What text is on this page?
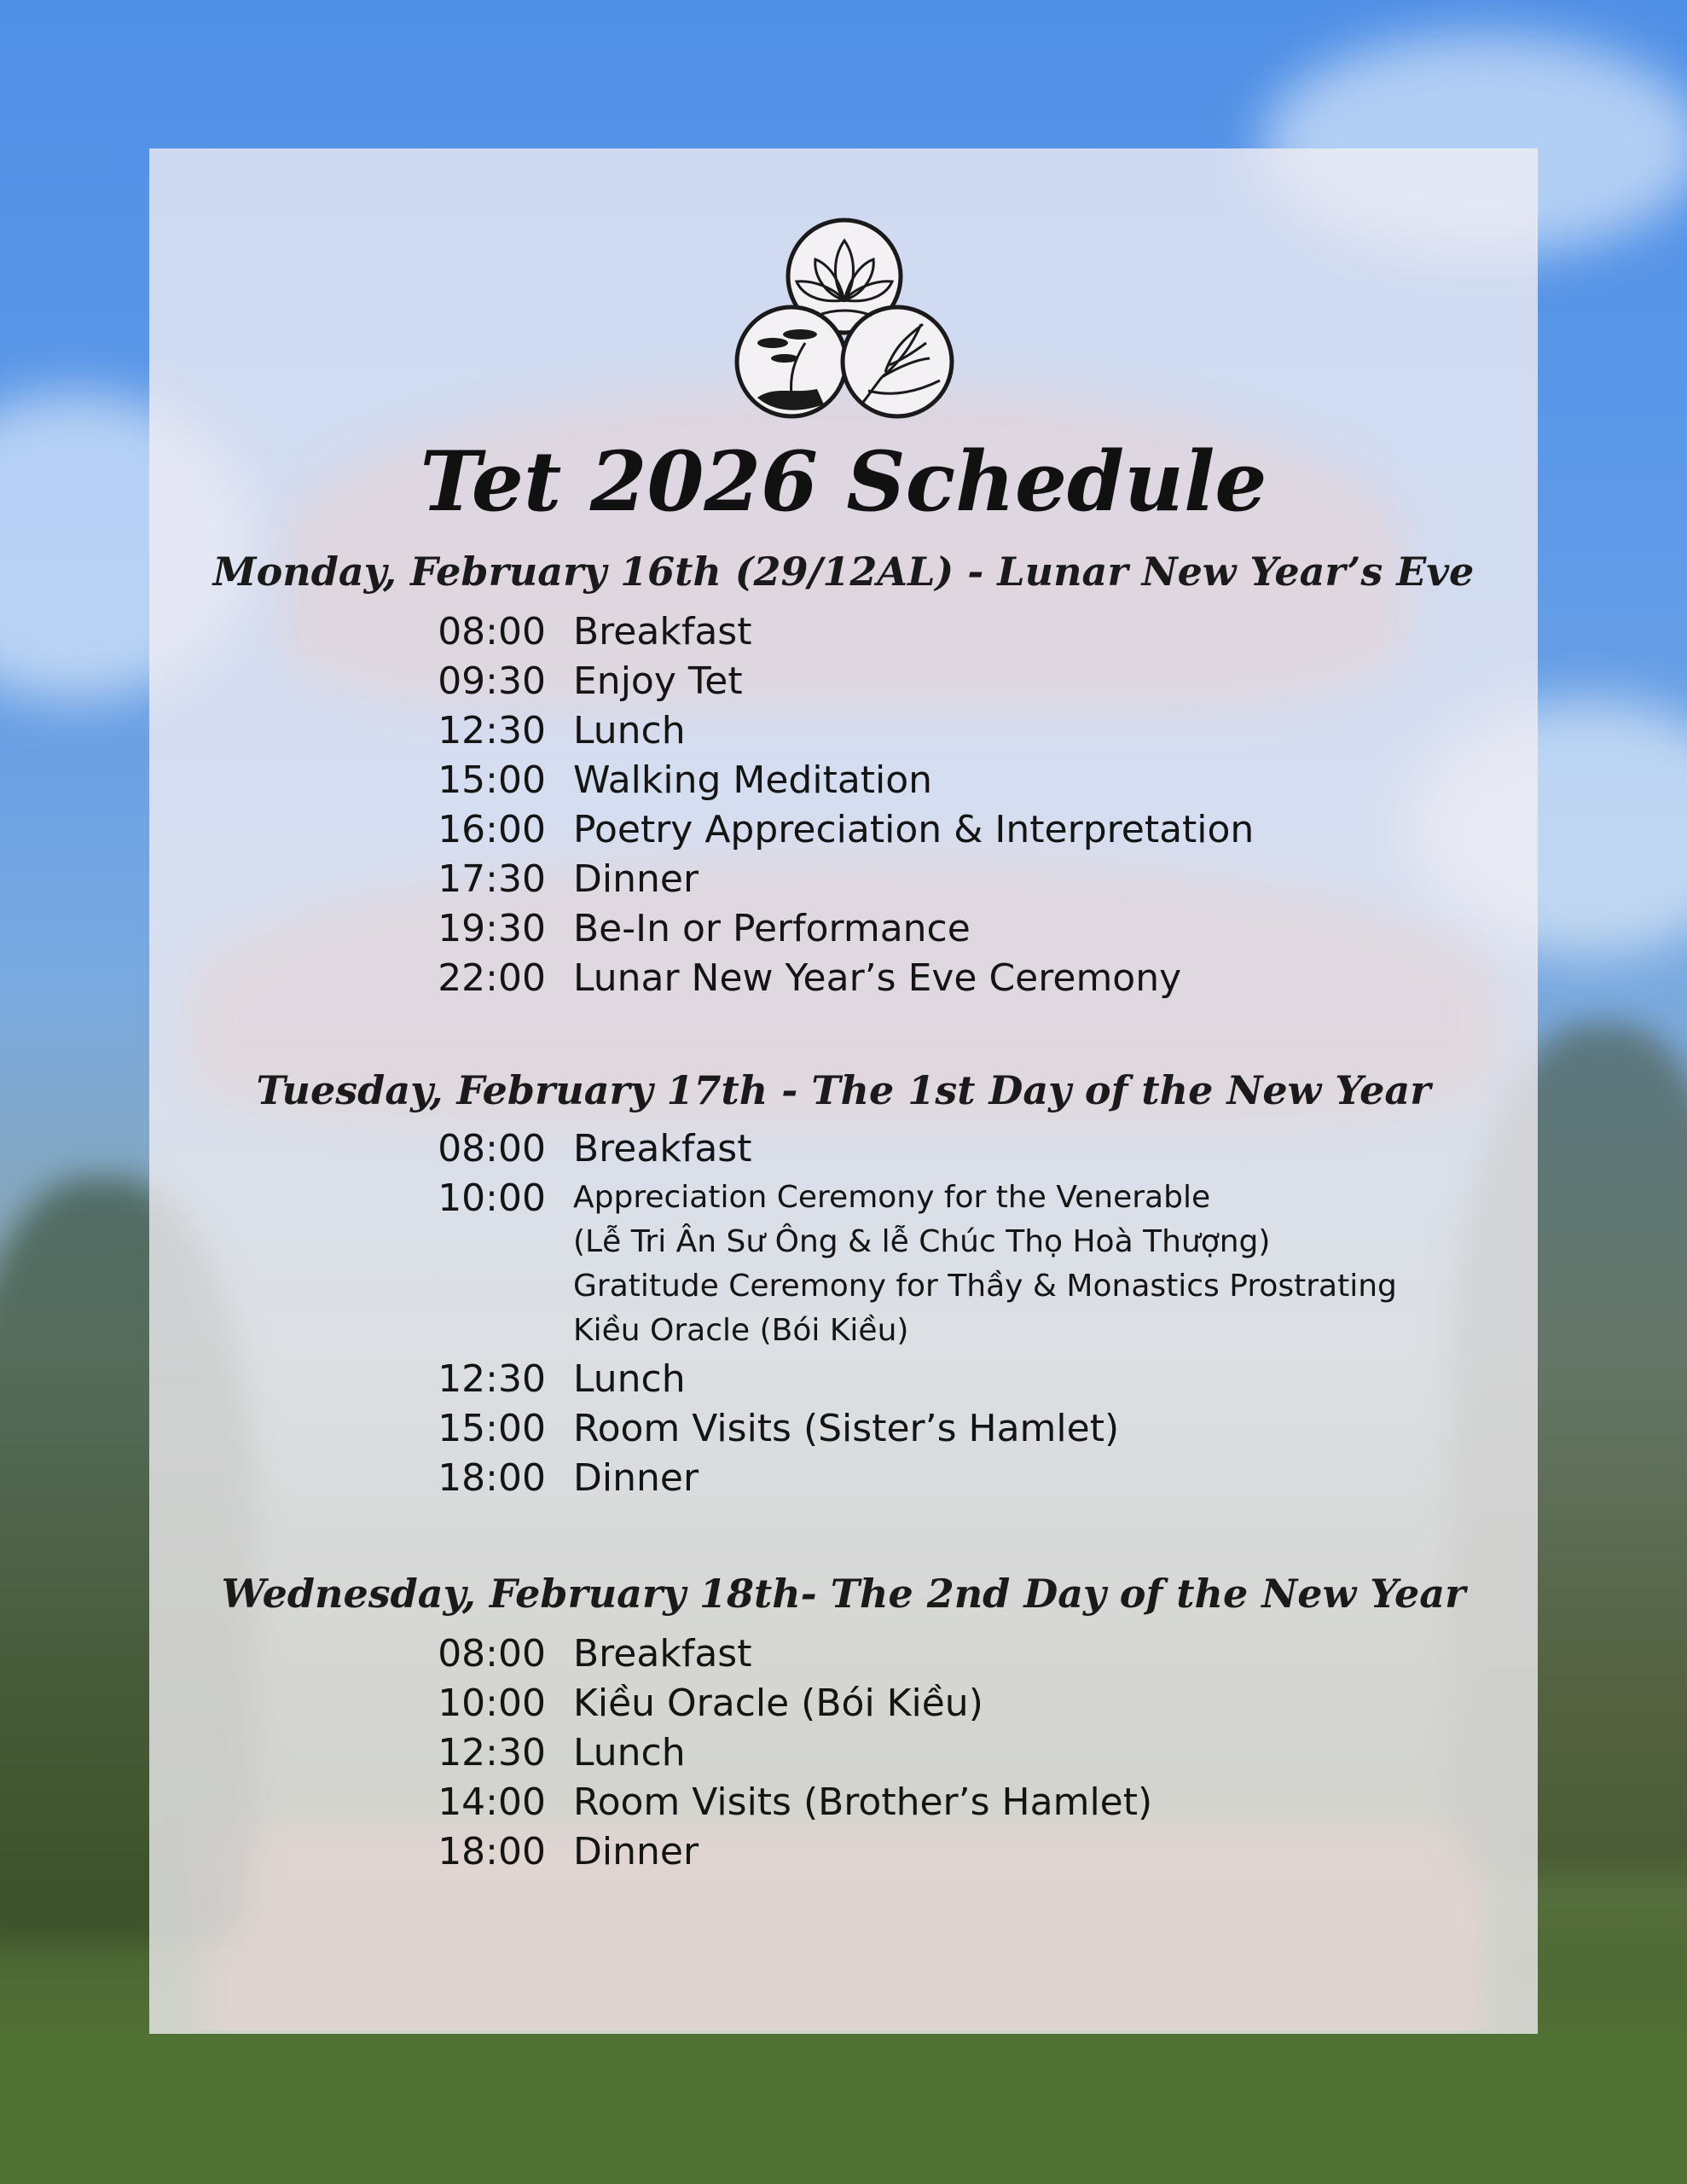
Tet 2026 Schedule
Monday, February 16th (29/12AL) - Lunar New Year’s Eve
08:00 Breakfast
09:30 Enjoy Tet
12:30 Lunch
15:00 Walking Meditation
16:00 Poetry Appreciation & Interpretation
17:30 Dinner
19:30 Be-In or Performance
22:00 Lunar New Year’s Eve Ceremony
Tuesday, February 17th - The 1st Day of the New Year
08:00 Breakfast
10:00 Appreciation Ceremony for the Venerable
(Lễ Tri Ân Sư Ông & lễ Chúc Thọ Hoà Thượng)
Gratitude Ceremony for Thầy & Monastics Prostrating
Kiều Oracle (Bói Kiều)
12:30 Lunch
15:00 Room Visits (Sister’s Hamlet)
18:00 Dinner
Wednesday, February 18th- The 2nd Day of the New Year
08:00 Breakfast
10:00 Kiều Oracle (Bói Kiều)
12:30 Lunch
14:00 Room Visits (Brother’s Hamlet)
18:00 Dinner
